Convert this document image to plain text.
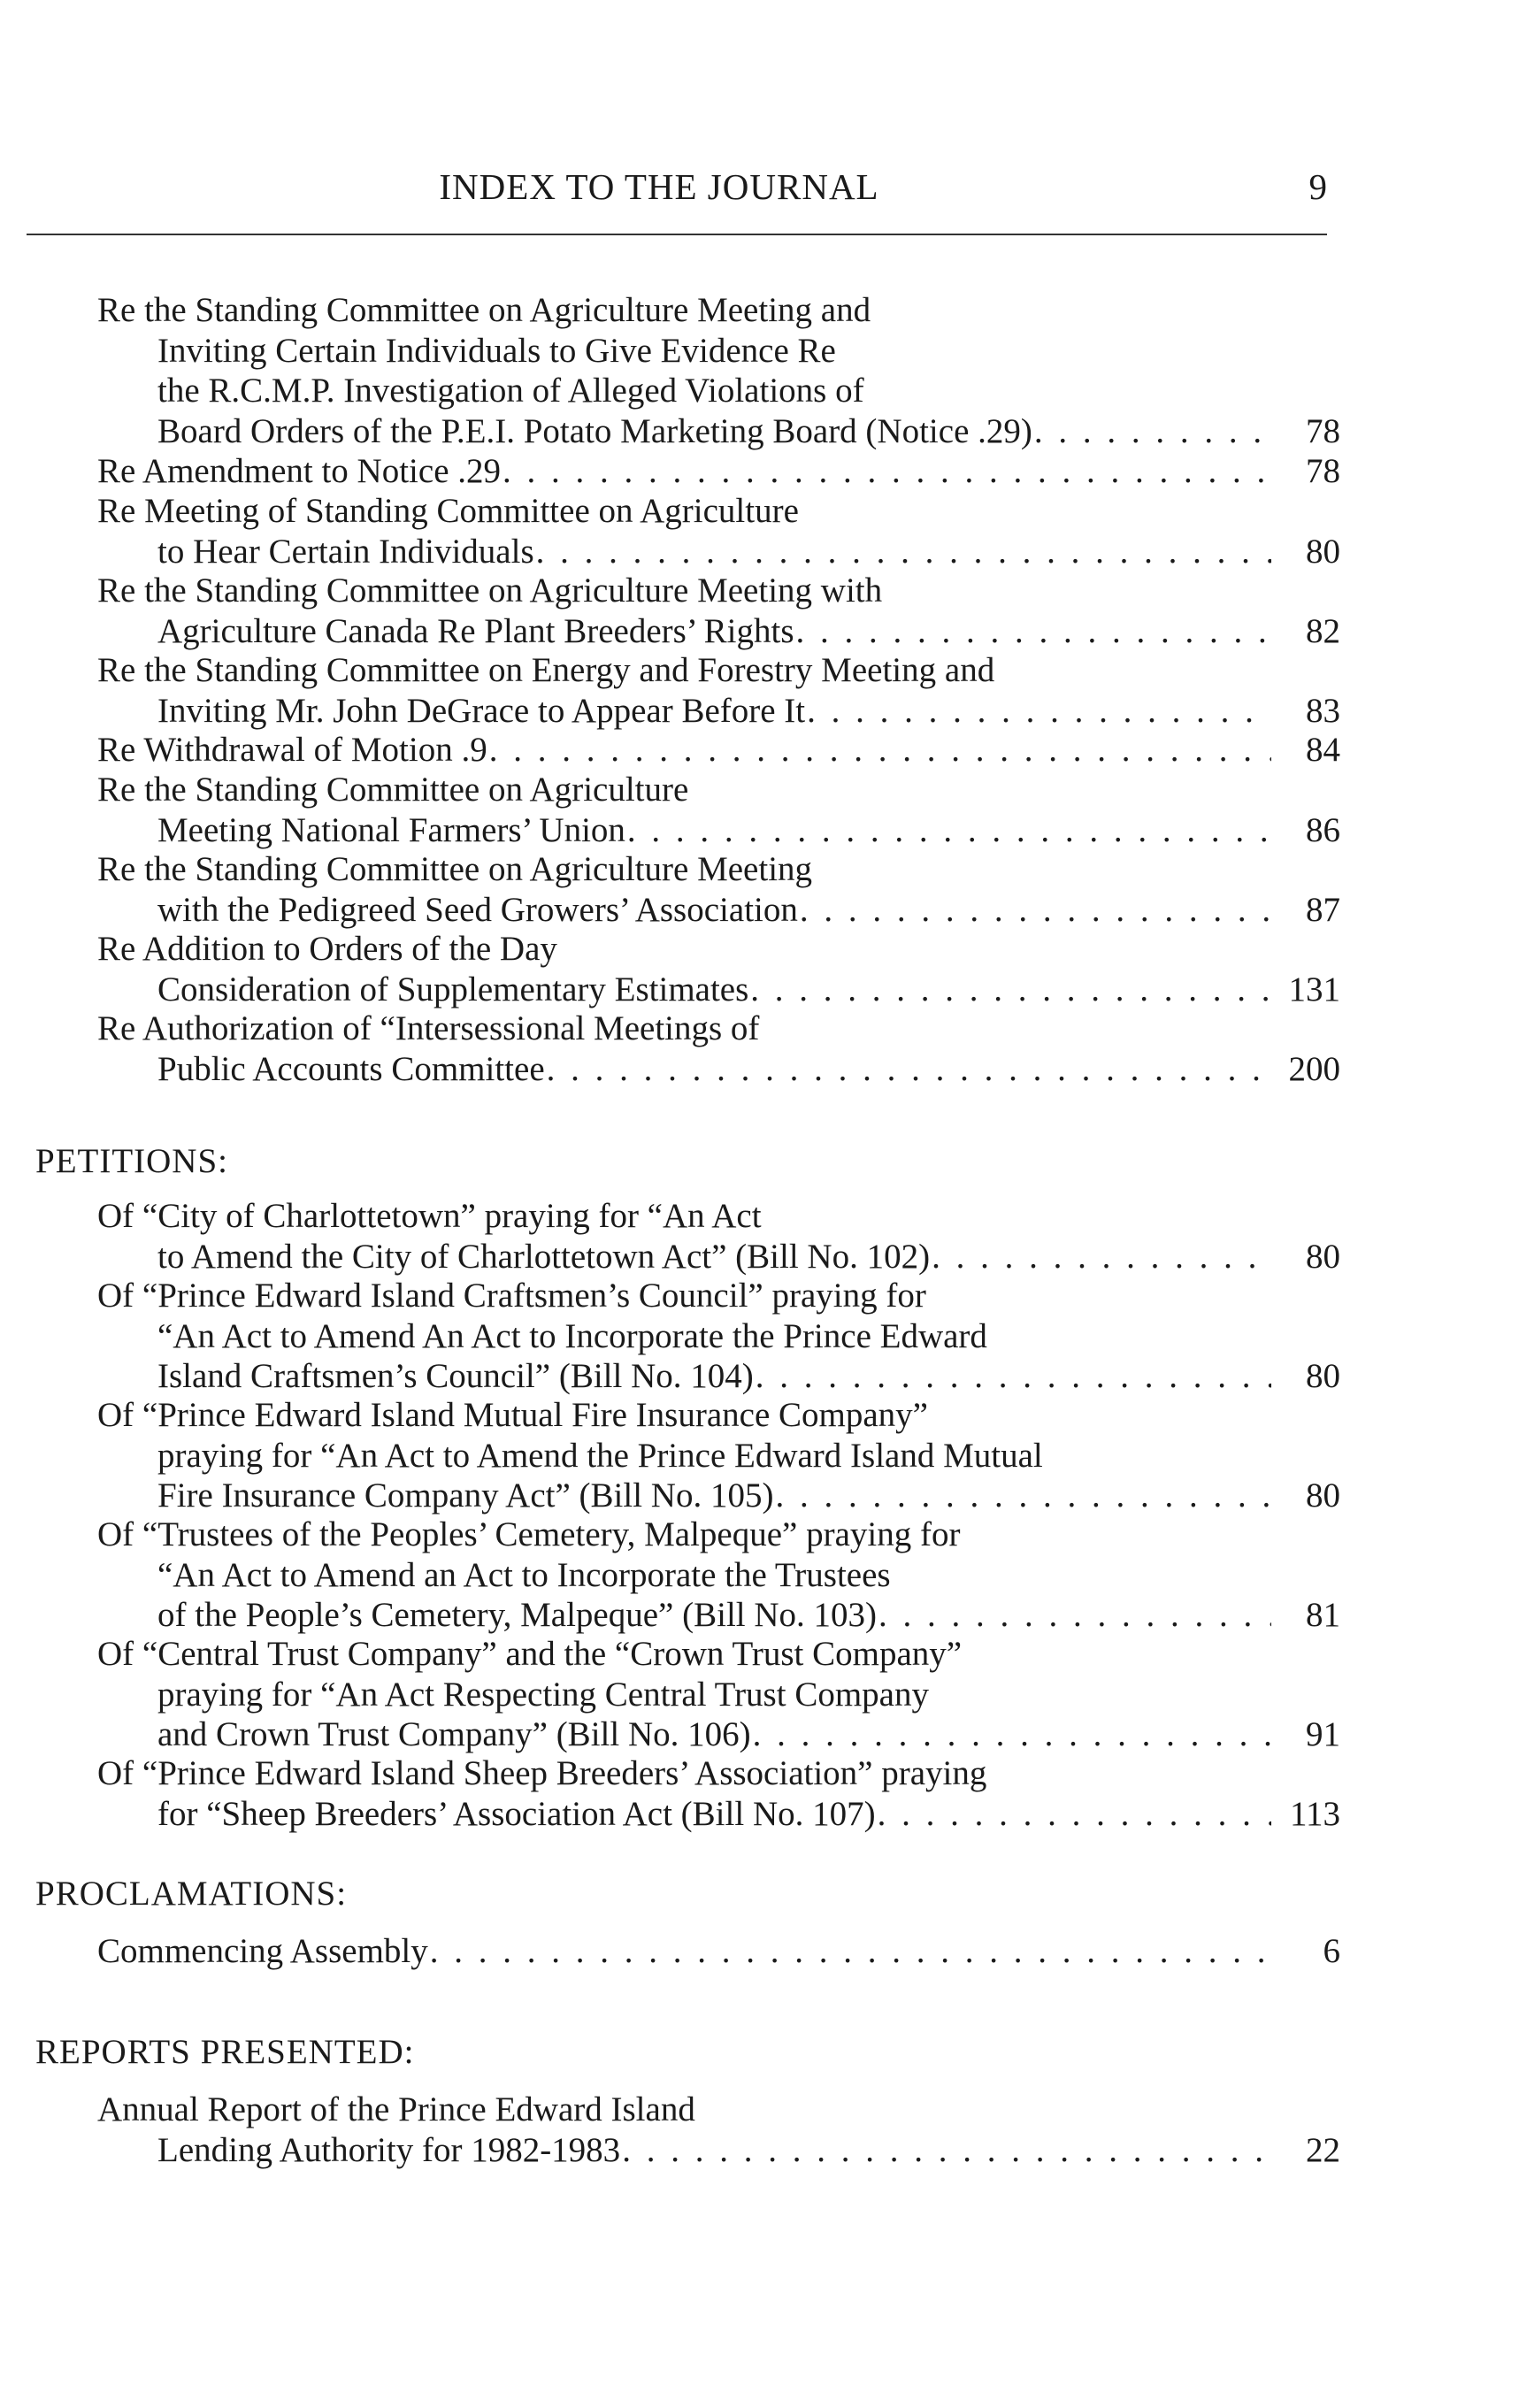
INDEX TO THE JOURNAL	9
PETITIONS:
PROCLAMATIONS:
REPORTS PRESENTED:
Re the Standing Committee on Agriculture Meeting and
Inviting Certain Individuals to Give Evidence Re
the R.C.M.P. Investigation of Alleged Violations of
Board Orders of the P.E.I. Potato Marketing Board (Notice .29) . . .	78
Re Amendment to Notice .29 . . .	78
Re Meeting of Standing Committee on Agriculture
to Hear Certain Individuals . . .	80
Re the Standing Committee on Agriculture Meeting with
Agriculture Canada Re Plant Breeders’ Rights . . .	82
Re the Standing Committee on Energy and Forestry Meeting and
Inviting Mr. John DeGrace to Appear Before It . . .	83
Re Withdrawal of Motion .9 . . .	84
Re the Standing Committee on Agriculture
Meeting National Farmers’ Union . . .	86
Re the Standing Committee on Agriculture Meeting
with the Pedigreed Seed Growers’ Association . . .	87
Re Addition to Orders of the Day
Consideration of Supplementary Estimates . . .	131
Re Authorization of “Intersessional Meetings of
Public Accounts Committee . . .	200
Of “City of Charlottetown” praying for “An Act
to Amend the City of Charlottetown Act” (Bill No. 102) . . .	80
Of “Prince Edward Island Craftsmen’s Council” praying for
“An Act to Amend An Act to Incorporate the Prince Edward
Island Craftsmen’s Council” (Bill No. 104) . . .	80
Of “Prince Edward Island Mutual Fire Insurance Company”
praying for “An Act to Amend the Prince Edward Island Mutual
Fire Insurance Company Act” (Bill No. 105) . . .	80
Of “Trustees of the Peoples’ Cemetery, Malpeque” praying for
“An Act to Amend an Act to Incorporate the Trustees
of the People’s Cemetery, Malpeque” (Bill No. 103) . . .	81
Of “Central Trust Company” and the “Crown Trust Company”
praying for “An Act Respecting Central Trust Company
and Crown Trust Company” (Bill No. 106) . . .	91
Of “Prince Edward Island Sheep Breeders’ Association” praying
for “Sheep Breeders’ Association Act (Bill No. 107) . . .	113
Commencing Assembly . . .	6
Annual Report of the Prince Edward Island
Lending Authority for 1982-1983 . . .	22
